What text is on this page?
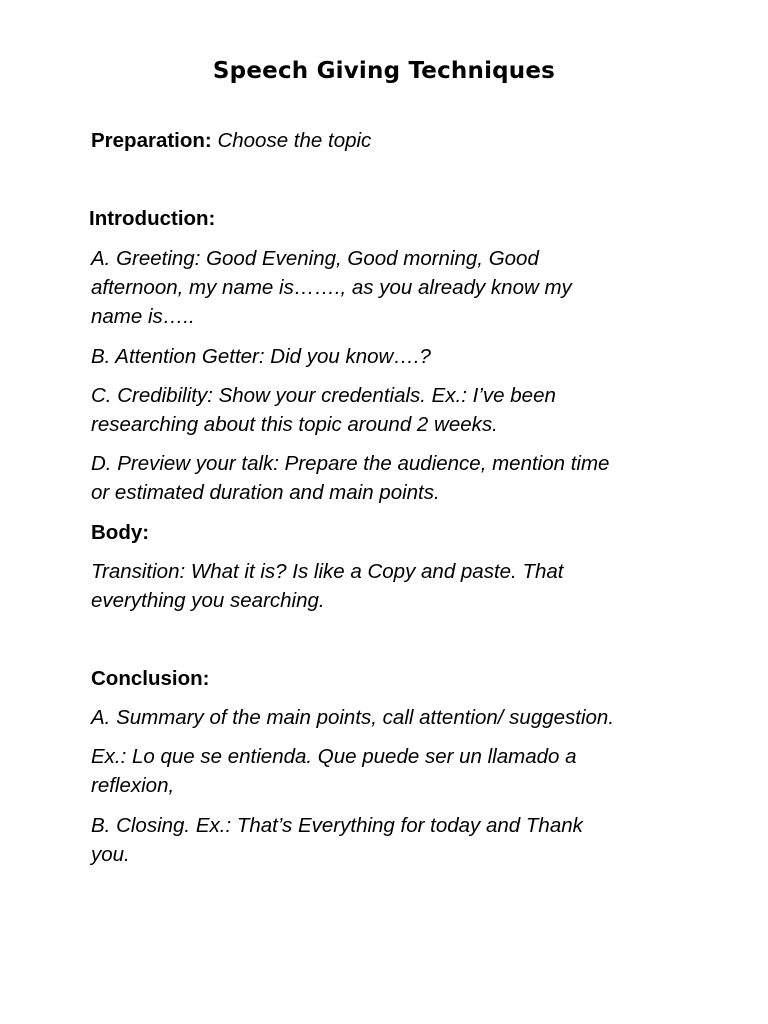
Speech Giving Techniques
Preparation: Choose the topic
Introduction:
A. Greeting: Good Evening, Good morning, Good
afternoon, my name is……., as you already know my
name is…..
B. Attention Getter: Did you know….?
C. Credibility: Show your credentials. Ex.: I’ve been
researching about this topic around 2 weeks.
D. Preview your talk: Prepare the audience, mention time
or estimated duration and main points.
Body:
Transition: What it is? Is like a Copy and paste. That
everything you searching.
Conclusion:
A. Summary of the main points, call attention/ suggestion.
Ex.: Lo que se entienda. Que puede ser un llamado a
reflexion,
B. Closing. Ex.: That’s Everything for today and Thank
you.
